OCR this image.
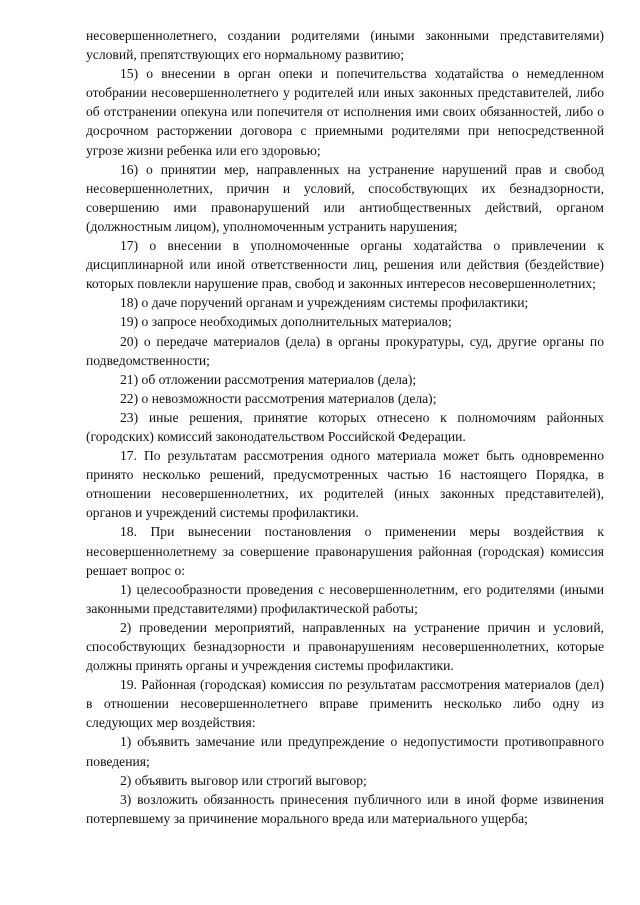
несовершеннолетнего, создании родителями (иными законными представителями) условий, препятствующих его нормальному развитию;

15) о внесении в орган опеки и попечительства ходатайства о немедленном отобрании несовершеннолетнего у родителей или иных законных представителей, либо об отстранении опекуна или попечителя от исполнения ими своих обязанностей, либо о досрочном расторжении договора с приемными родителями при непосредственной угрозе жизни ребенка или его здоровью;

16) о принятии мер, направленных на устранение нарушений прав и свобод несовершеннолетних, причин и условий, способствующих их безнадзорности, совершению ими правонарушений или антиобщественных действий, органом (должностным лицом), уполномоченным устранить нарушения;

17) о внесении в уполномоченные органы ходатайства о привлечении к дисциплинарной или иной ответственности лиц, решения или действия (бездействие) которых повлекли нарушение прав, свобод и законных интересов несовершеннолетних;

18) о даче поручений органам и учреждениям системы профилактики;

19) о запросе необходимых дополнительных материалов;

20) о передаче материалов (дела) в органы прокуратуры, суд, другие органы по подведомственности;

21) об отложении рассмотрения материалов (дела);

22) о невозможности рассмотрения материалов (дела);

23) иные решения, принятие которых отнесено к полномочиям районных (городских) комиссий законодательством Российской Федерации.

17. По результатам рассмотрения одного материала может быть одновременно принято несколько решений, предусмотренных частью 16 настоящего Порядка, в отношении несовершеннолетних, их родителей (иных законных представителей), органов и учреждений системы профилактики.

18. При вынесении постановления о применении меры воздействия к несовершеннолетнему за совершение правонарушения районная (городская) комиссия решает вопрос о:

1) целесообразности проведения с несовершеннолетним, его родителями (иными законными представителями) профилактической работы;

2) проведении мероприятий, направленных на устранение причин и условий, способствующих безнадзорности и правонарушениям несовершеннолетних, которые должны принять органы и учреждения системы профилактики.

19. Районная (городская) комиссия по результатам рассмотрения материалов (дел) в отношении несовершеннолетнего вправе применить несколько либо одну из следующих мер воздействия:

1) объявить замечание или предупреждение о недопустимости противоправного поведения;

2) объявить выговор или строгий выговор;

3) возложить обязанность принесения публичного или в иной форме извинения потерпевшему за причинение морального вреда или материального ущерба;
